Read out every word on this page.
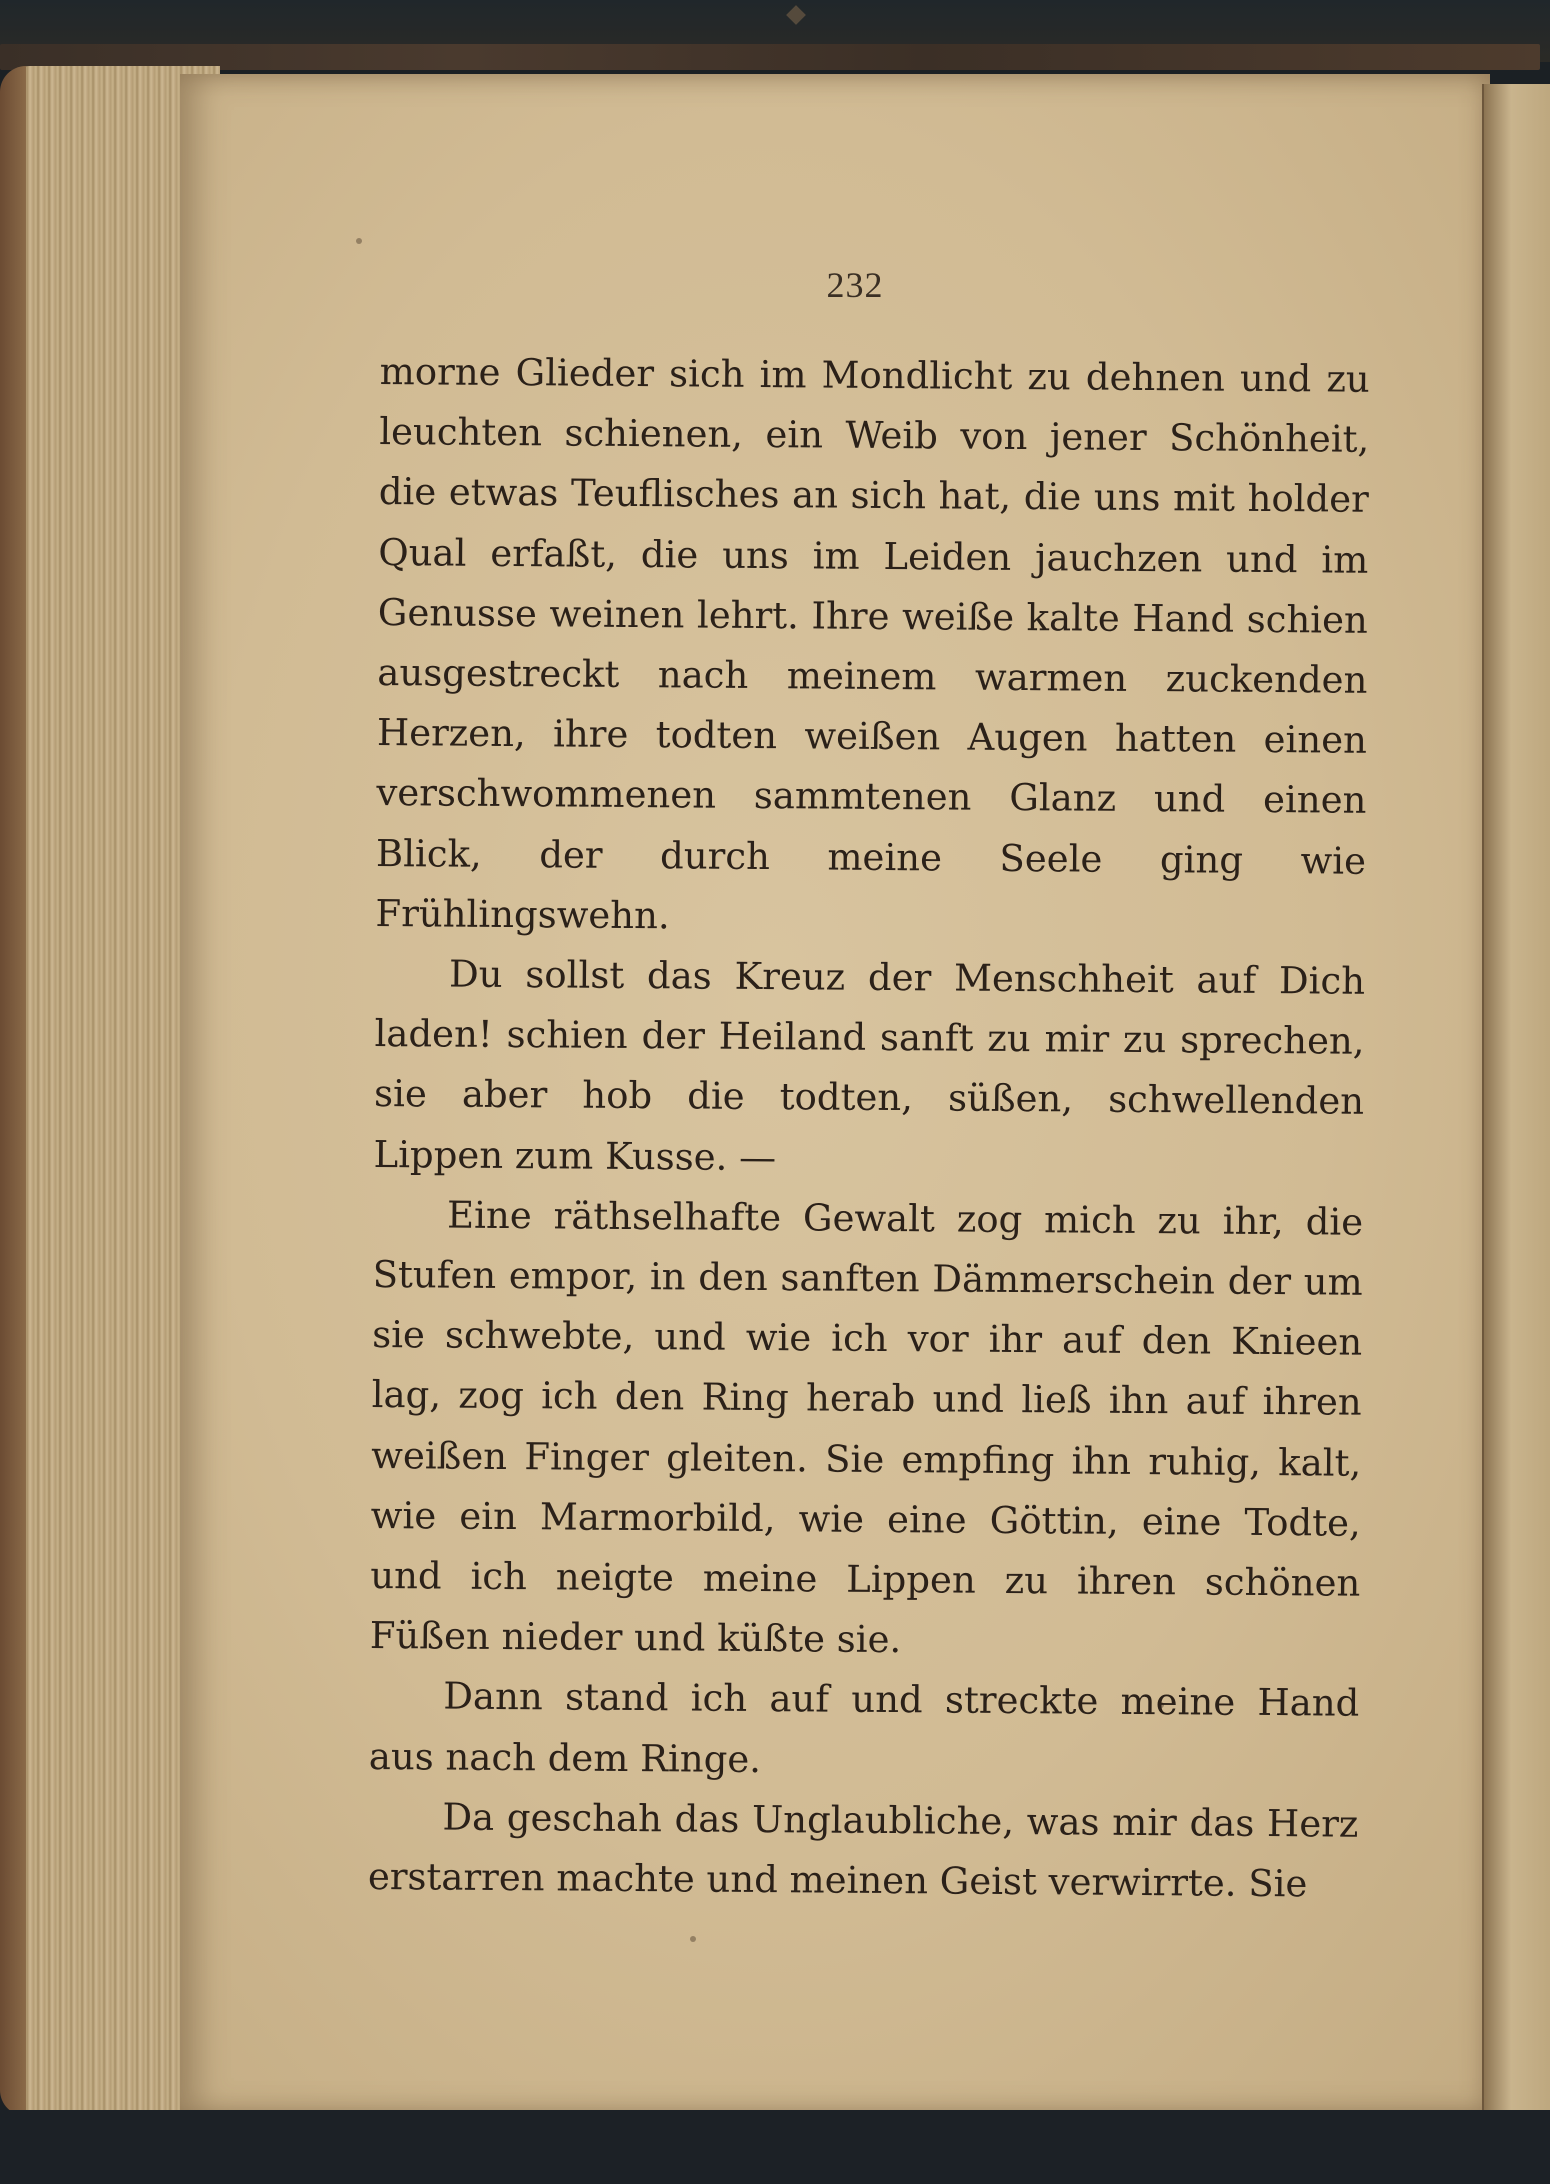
232

morne Glieder sich im Mondlicht zu dehnen und zu leuchten schienen, ein Weib von jener Schönheit, die etwas Teuflisches an sich hat, die uns mit holder Qual erfaßt, die uns im Leiden jauchzen und im Genusse weinen lehrt. Ihre weiße kalte Hand schien ausgestreckt nach meinem warmen zuckenden Herzen, ihre todten weißen Augen hatten einen verschwommenen sammtenen Glanz und einen Blick, der durch meine Seele ging wie Frühlingswehn.

Du sollst das Kreuz der Menschheit auf Dich laden! schien der Heiland sanft zu mir zu sprechen, sie aber hob die todten, süßen, schwellenden Lippen zum Kusse. —

Eine räthselhafte Gewalt zog mich zu ihr, die Stufen empor, in den sanften Dämmerschein der um sie schwebte, und wie ich vor ihr auf den Knieen lag, zog ich den Ring herab und ließ ihn auf ihren weißen Finger gleiten. Sie empfing ihn ruhig, kalt, wie ein Marmorbild, wie eine Göttin, eine Todte, und ich neigte meine Lippen zu ihren schönen Füßen nieder und küßte sie.

Dann stand ich auf und streckte meine Hand aus nach dem Ringe.

Da geschah das Unglaubliche, was mir das Herz erstarren machte und meinen Geist verwirrte. Sie
